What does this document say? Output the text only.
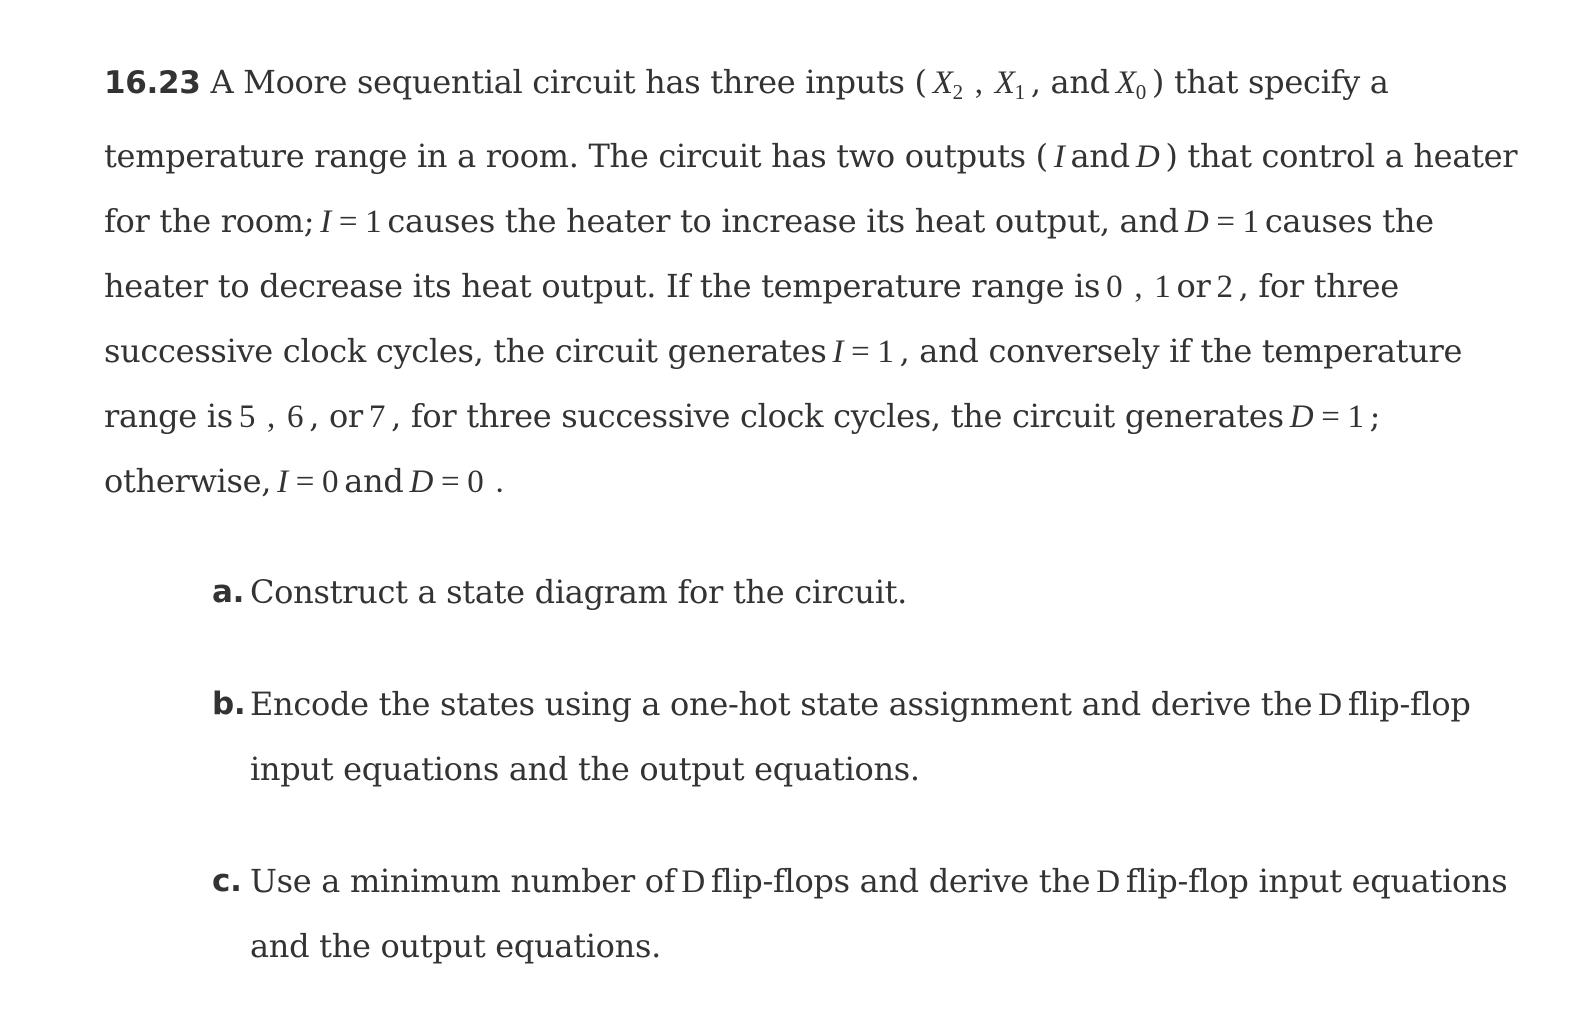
16.23 A Moore sequential circuit has three inputs ( $X_2$ , $X_1$ , and $X_0$ ) that specify a temperature range in a room. The circuit has two outputs ( I and D ) that control a heater for the room; I = 1 causes the heater to increase its heat output, and D = 1 causes the heater to decrease its heat output. If the temperature range is 0 , 1 or 2 , for three successive clock cycles, the circuit generates I = 1 , and conversely if the temperature range is 5 , 6 , or 7 , for three successive clock cycles, the circuit generates D = 1 ; otherwise, I = 0 and D = 0 .

a. Construct a state diagram for the circuit.
b. Encode the states using a one-hot state assignment and derive the D flip-flop input equations and the output equations.
c. Use a minimum number of D flip-flops and derive the D flip-flop input equations and the output equations.
